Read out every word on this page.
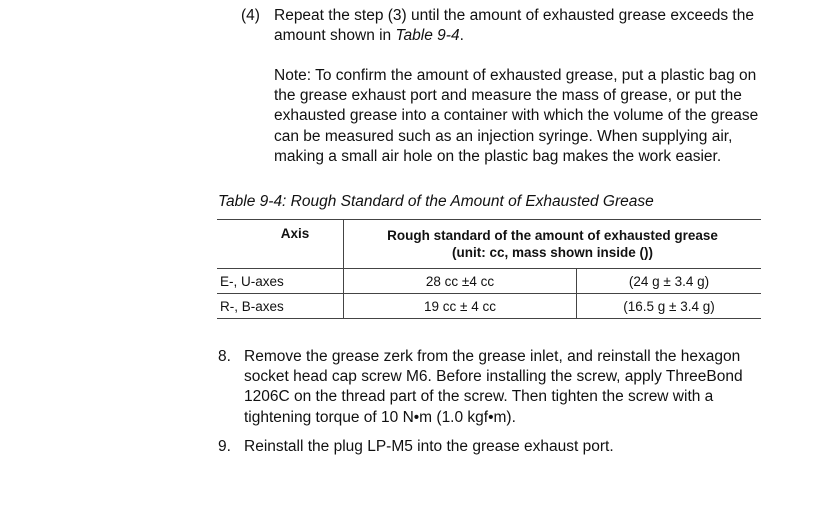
(4) Repeat the step (3) until the amount of exhausted grease exceeds the amount shown in Table 9-4.
Note: To confirm the amount of exhausted grease, put a plastic bag on the grease exhaust port and measure the mass of grease, or put the exhausted grease into a container with which the volume of the grease can be measured such as an injection syringe. When supplying air, making a small air hole on the plastic bag makes the work easier.
Table 9-4: Rough Standard of the Amount of Exhausted Grease
Axis	Rough standard of the amount of exhausted grease
(unit: cc, mass shown inside ())	

E-, U-axes	28 cc ±4 cc	(24 g ± 3.4 g)
R-, B-axes	19 cc ± 4 cc	(16.5 g ± 3.4 g)
8. Remove the grease zerk from the grease inlet, and reinstall the hexagon socket head cap screw M6. Before installing the screw, apply ThreeBond 1206C on the thread part of the screw. Then tighten the screw with a tightening torque of 10 N•m (1.0 kgf•m).
9. Reinstall the plug LP-M5 into the grease exhaust port.
